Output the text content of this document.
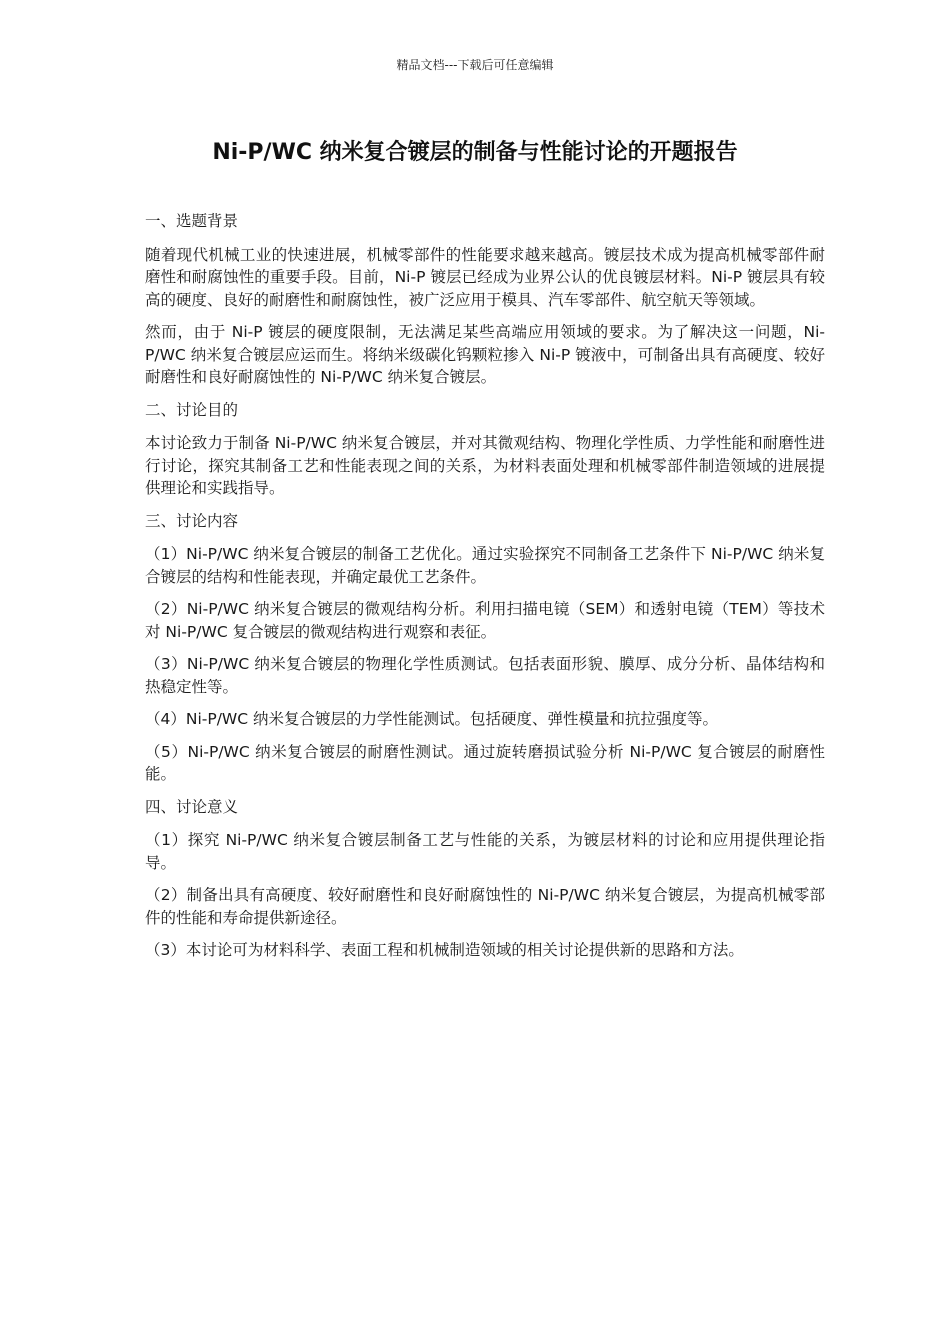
精品文档---下载后可任意编辑
Ni-P/WC 纳米复合镀层的制备与性能讨论的开题报告

一、选题背景

随着现代机械工业的快速进展，机械零部件的性能要求越来越高。镀层技术成为提高机械零部件耐磨性和耐腐蚀性的重要手段。目前，Ni-P 镀层已经成为业界公认的优良镀层材料。Ni-P 镀层具有较高的硬度、良好的耐磨性和耐腐蚀性，被广泛应用于模具、汽车零部件、航空航天等领域。

然而，由于 Ni-P 镀层的硬度限制，无法满足某些高端应用领域的要求。为了解决这一问题，Ni-P/WC 纳米复合镀层应运而生。将纳米级碳化钨颗粒掺入 Ni-P 镀液中，可制备出具有高硬度、较好耐磨性和良好耐腐蚀性的 Ni-P/WC 纳米复合镀层。

二、讨论目的

本讨论致力于制备 Ni-P/WC 纳米复合镀层，并对其微观结构、物理化学性质、力学性能和耐磨性进行讨论，探究其制备工艺和性能表现之间的关系，为材料表面处理和机械零部件制造领域的进展提供理论和实践指导。

三、讨论内容

（1）Ni-P/WC 纳米复合镀层的制备工艺优化。通过实验探究不同制备工艺条件下 Ni-P/WC 纳米复合镀层的结构和性能表现，并确定最优工艺条件。

（2）Ni-P/WC 纳米复合镀层的微观结构分析。利用扫描电镜（SEM）和透射电镜（TEM）等技术对 Ni-P/WC 复合镀层的微观结构进行观察和表征。

（3）Ni-P/WC 纳米复合镀层的物理化学性质测试。包括表面形貌、膜厚、成分分析、晶体结构和热稳定性等。

（4）Ni-P/WC 纳米复合镀层的力学性能测试。包括硬度、弹性模量和抗拉强度等。

（5）Ni-P/WC 纳米复合镀层的耐磨性测试。通过旋转磨损试验分析 Ni-P/WC 复合镀层的耐磨性能。

四、讨论意义

（1）探究 Ni-P/WC 纳米复合镀层制备工艺与性能的关系，为镀层材料的讨论和应用提供理论指导。

（2）制备出具有高硬度、较好耐磨性和良好耐腐蚀性的 Ni-P/WC 纳米复合镀层，为提高机械零部件的性能和寿命提供新途径。

（3）本讨论可为材料科学、表面工程和机械制造领域的相关讨论提供新的思路和方法。
